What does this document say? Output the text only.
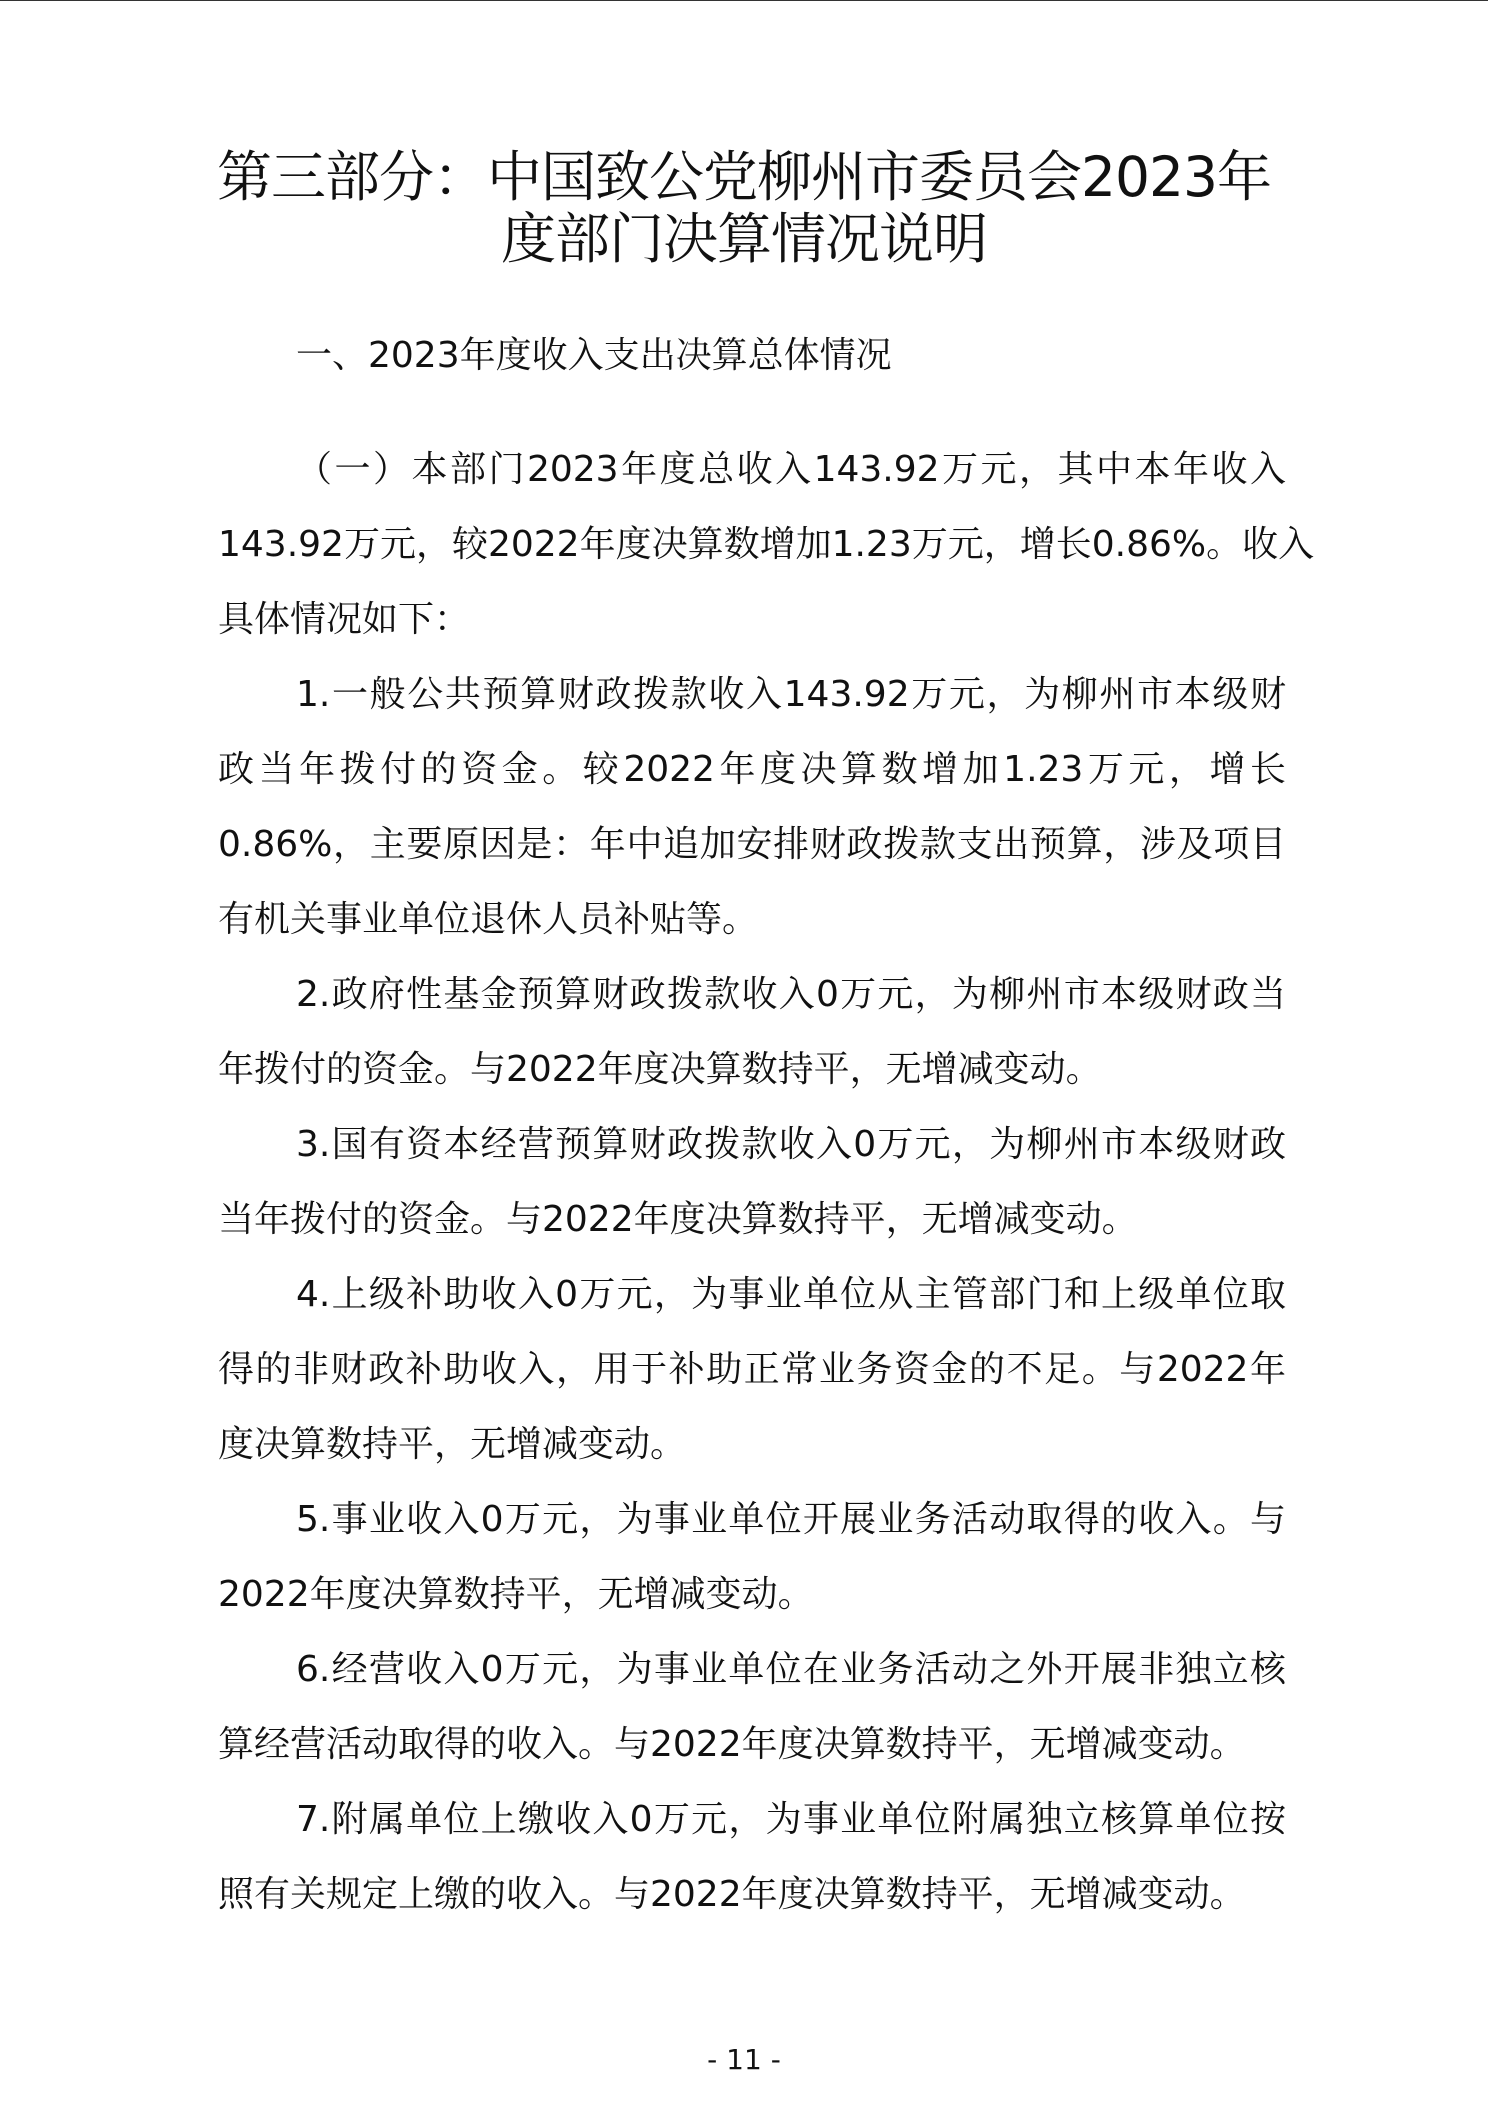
第三部分：中国致公党柳州市委员会2023年
度部门决算情况说明
一、2023年度收入支出决算总体情况

（一）本部门2023年度总收入143.92万元，其中本年收入
143.92万元，较2022年度决算数增加1.23万元，增长0.86%。收入
具体情况如下：

1.一般公共预算财政拨款收入143.92万元，为柳州市本级财
政当年拨付的资金。较2022年度决算数增加1.23万元，增长
0.86%，主要原因是：年中追加安排财政拨款支出预算，涉及项目
有机关事业单位退休人员补贴等。

2.政府性基金预算财政拨款收入0万元，为柳州市本级财政当
年拨付的资金。与2022年度决算数持平，无增减变动。

3.国有资本经营预算财政拨款收入0万元，为柳州市本级财政
当年拨付的资金。与2022年度决算数持平，无增减变动。

4.上级补助收入0万元，为事业单位从主管部门和上级单位取
得的非财政补助收入，用于补助正常业务资金的不足。与2022年
度决算数持平，无增减变动。

5.事业收入0万元，为事业单位开展业务活动取得的收入。与
2022年度决算数持平，无增减变动。

6.经营收入0万元，为事业单位在业务活动之外开展非独立核
算经营活动取得的收入。与2022年度决算数持平，无增减变动。

7.附属单位上缴收入0万元，为事业单位附属独立核算单位按
照有关规定上缴的收入。与2022年度决算数持平，无增减变动。

- 11 -
